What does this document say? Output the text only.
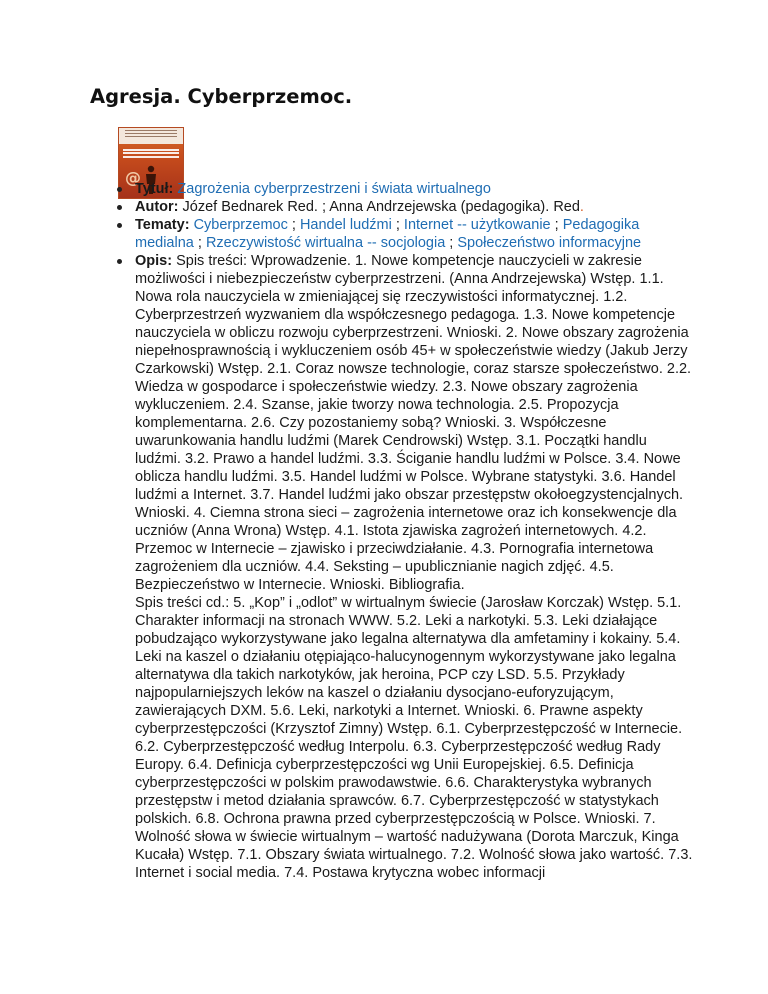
Agresja. Cyberprzemoc.
@
Tytuł: Zagrożenia cyberprzestrzeni i świata wirtualnego
Autor: Józef Bednarek Red. ; Anna Andrzejewska (pedagogika). Red.
Tematy: Cyberprzemoc ; Handel ludźmi ; Internet -- użytkowanie ; Pedagogika medialna ; Rzeczywistość wirtualna -- socjologia ; Społeczeństwo informacyjne
Opis: Spis treści: Wprowadzenie. 1. Nowe kompetencje nauczycieli w zakresie możliwości i niebezpieczeństw cyberprzestrzeni. (Anna Andrzejewska) Wstęp. 1.1. Nowa rola nauczyciela w zmieniającej się rzeczywistości informatycznej. 1.2. Cyberprzestrzeń wyzwaniem dla współczesnego pedagoga. 1.3. Nowe kompetencje nauczyciela w obliczu rozwoju cyberprzestrzeni. Wnioski. 2. Nowe obszary zagrożenia niepełnosprawnością i wykluczeniem osób 45+ w społeczeństwie wiedzy (Jakub Jerzy Czarkowski) Wstęp. 2.1. Coraz nowsze technologie, coraz starsze społeczeństwo. 2.2. Wiedza w gospodarce i społeczeństwie wiedzy. 2.3. Nowe obszary zagrożenia wykluczeniem. 2.4. Szanse, jakie tworzy nowa technologia. 2.5. Propozycja komplementarna. 2.6. Czy pozostaniemy sobą? Wnioski. 3. Współczesne uwarunkowania handlu ludźmi (Marek Cendrowski) Wstęp. 3.1. Początki handlu ludźmi. 3.2. Prawo a handel ludźmi. 3.3. Ściganie handlu ludźmi w Polsce. 3.4. Nowe oblicza handlu ludźmi. 3.5. Handel ludźmi w Polsce. Wybrane statystyki. 3.6. Handel ludźmi a Internet. 3.7. Handel ludźmi jako obszar przestępstw okołoegzystencjalnych. Wnioski. 4. Ciemna strona sieci – zagrożenia internetowe oraz ich konsekwencje dla uczniów (Anna Wrona) Wstęp. 4.1. Istota zjawiska zagrożeń internetowych. 4.2. Przemoc w Internecie – zjawisko i przeciwdziałanie. 4.3. Pornografia internetowa zagrożeniem dla uczniów. 4.4. Seksting – upublicznianie nagich zdjęć. 4.5. Bezpieczeństwo w Internecie. Wnioski. Bibliografia.
Spis treści cd.: 5. „Kop” i „odlot” w wirtualnym świecie (Jarosław Korczak) Wstęp. 5.1. Charakter informacji na stronach WWW. 5.2. Leki a narkotyki. 5.3. Leki działające pobudzająco wykorzystywane jako legalna alternatywa dla amfetaminy i kokainy. 5.4. Leki na kaszel o działaniu otępiająco-halucynogennym wykorzystywane jako legalna alternatywa dla takich narkotyków, jak heroina, PCP czy LSD. 5.5. Przykłady najpopularniejszych leków na kaszel o działaniu dysocjano-euforyzującym, zawierających DXM. 5.6. Leki, narkotyki a Internet. Wnioski. 6. Prawne aspekty cyberprzestępczości (Krzysztof Zimny) Wstęp. 6.1. Cyberprzestępczość w Internecie. 6.2. Cyberprzestępczość według Interpolu. 6.3. Cyberprzestępczość według Rady Europy. 6.4. Definicja cyberprzestępczości wg Unii Europejskiej. 6.5. Definicja cyberprzestępczości w polskim prawodawstwie. 6.6. Charakterystyka wybranych przestępstw i metod działania sprawców. 6.7. Cyberprzestępczość w statystykach polskich. 6.8. Ochrona prawna przed cyberprzestępczością w Polsce. Wnioski. 7. Wolność słowa w świecie wirtualnym – wartość nadużywana (Dorota Marczuk, Kinga Kucała) Wstęp. 7.1. Obszary świata wirtualnego. 7.2. Wolność słowa jako wartość. 7.3. Internet i social media. 7.4. Postawa krytyczna wobec informacji
